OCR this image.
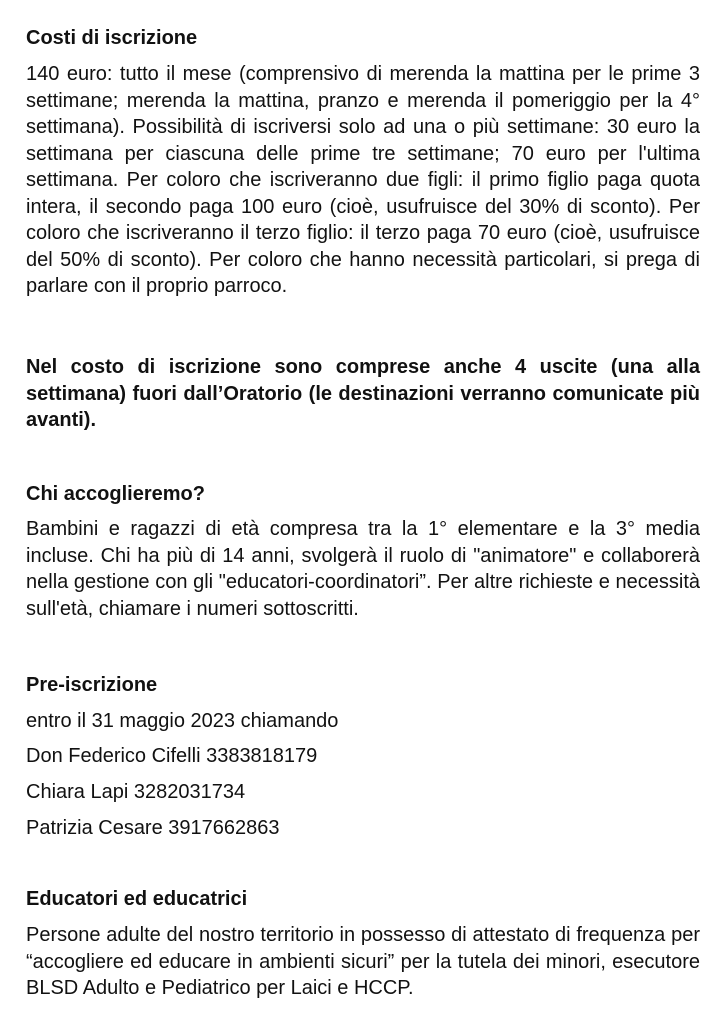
Costi di iscrizione

140 euro: tutto il mese (comprensivo di merenda la mattina per le prime 3 settimane; merenda la mattina, pranzo e merenda il pomeriggio per la 4° settimana). Possibilità di iscriversi solo ad una o più settimane: 30 euro la settimana per ciascuna delle prime tre settimane; 70 euro per l'ultima settimana. Per coloro che iscriveranno due figli: il primo figlio paga quota intera, il secondo paga 100 euro (cioè, usufruisce del 30% di sconto). Per coloro che iscriveranno il terzo figlio: il terzo paga 70 euro (cioè, usufruisce del 50% di sconto). Per coloro che hanno necessità particolari, si prega di parlare con il proprio parroco.

Nel costo di iscrizione sono comprese anche 4 uscite (una alla settimana) fuori dall’Oratorio (le destinazioni verranno comunicate più avanti).

Chi accoglieremo?

Bambini e ragazzi di età compresa tra la 1° elementare e la 3° media incluse. Chi ha più di 14 anni, svolgerà il ruolo di "animatore" e collaborerà nella gestione con gli "educatori-coordinatori”. Per altre richieste e necessità sull'età, chiamare i numeri sottoscritti.

Pre-iscrizione

entro il 31 maggio 2023 chiamando

Don Federico Cifelli 3383818179

Chiara Lapi 3282031734

Patrizia Cesare 3917662863

Educatori ed educatrici

Persone adulte del nostro territorio in possesso di attestato di frequenza per “accogliere ed educare in ambienti sicuri” per la tutela dei minori, esecutore BLSD Adulto e Pediatrico per Laici e HCCP.
